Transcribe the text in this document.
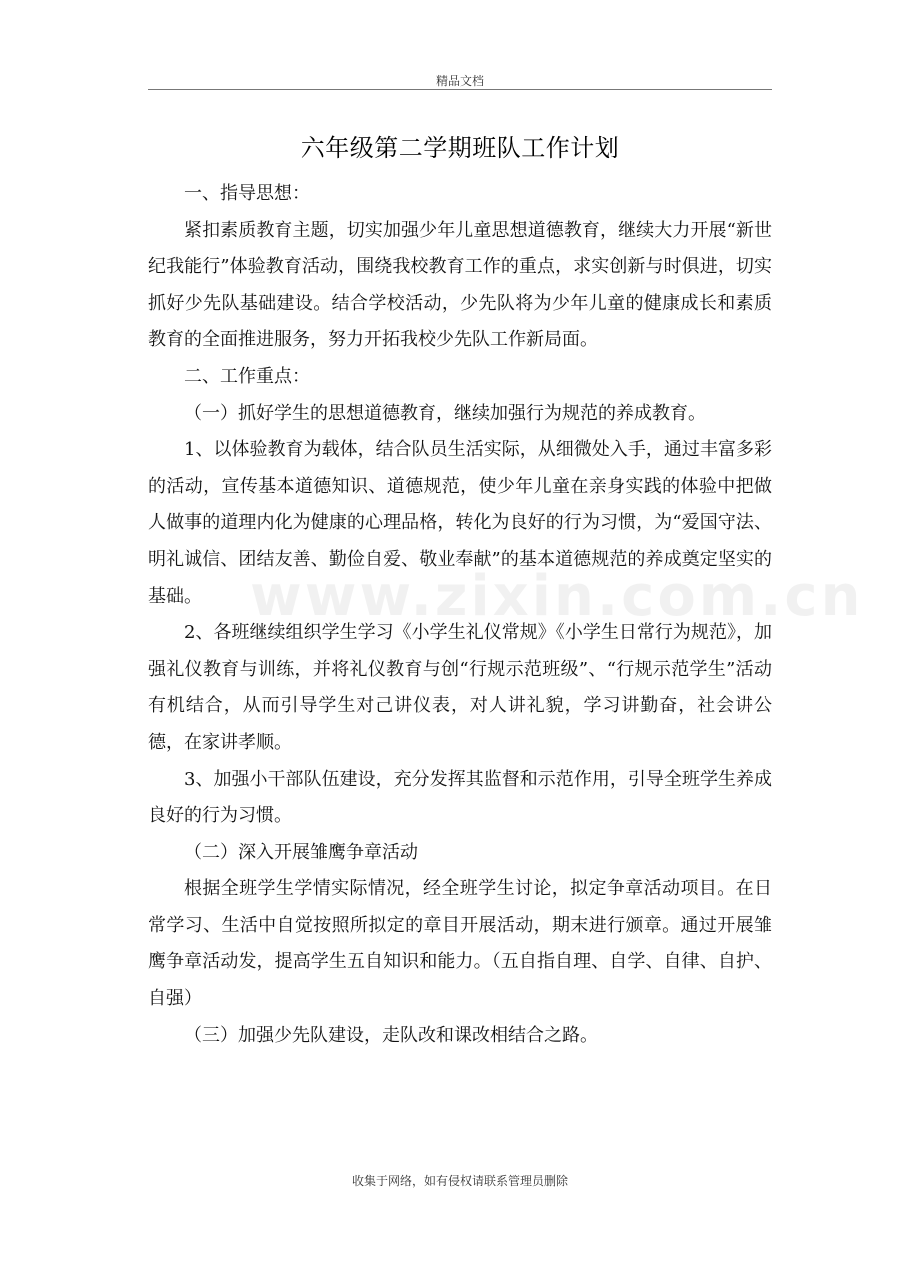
精品文档
六年级第二学期班队工作计划
www.zixin.com.cn

一、指导思想：

紧扣素质教育主题，切实加强少年儿童思想道德教育，继续大力开展“新世纪我能行”体验教育活动，围绕我校教育工作的重点，求实创新与时俱进，切实抓好少先队基础建设。结合学校活动，少先队将为少年儿童的健康成长和素质教育的全面推进服务，努力开拓我校少先队工作新局面。

二、工作重点：

（一）抓好学生的思想道德教育，继续加强行为规范的养成教育。

1、以体验教育为载体，结合队员生活实际，从细微处入手，通过丰富多彩的活动，宣传基本道德知识、道德规范，使少年儿童在亲身实践的体验中把做人做事的道理内化为健康的心理品格，转化为良好的行为习惯，为“爱国守法、明礼诚信、团结友善、勤俭自爱、敬业奉献”的基本道德规范的养成奠定坚实的基础。

2、各班继续组织学生学习《小学生礼仪常规》《小学生日常行为规范》，加强礼仪教育与训练，并将礼仪教育与创“行规示范班级”、“行规示范学生”活动有机结合，从而引导学生对己讲仪表，对人讲礼貌，学习讲勤奋，社会讲公德，在家讲孝顺。

3、加强小干部队伍建设，充分发挥其监督和示范作用，引导全班学生养成良好的行为习惯。

（二）深入开展雏鹰争章活动

根据全班学生学情实际情况，经全班学生讨论，拟定争章活动项目。在日常学习、生活中自觉按照所拟定的章目开展活动，期末进行颁章。通过开展雏鹰争章活动发，提高学生五自知识和能力。（五自指自理、自学、自律、自护、自强）

（三）加强少先队建设，走队改和课改相结合之路。

收集于网络，如有侵权请联系管理员删除
